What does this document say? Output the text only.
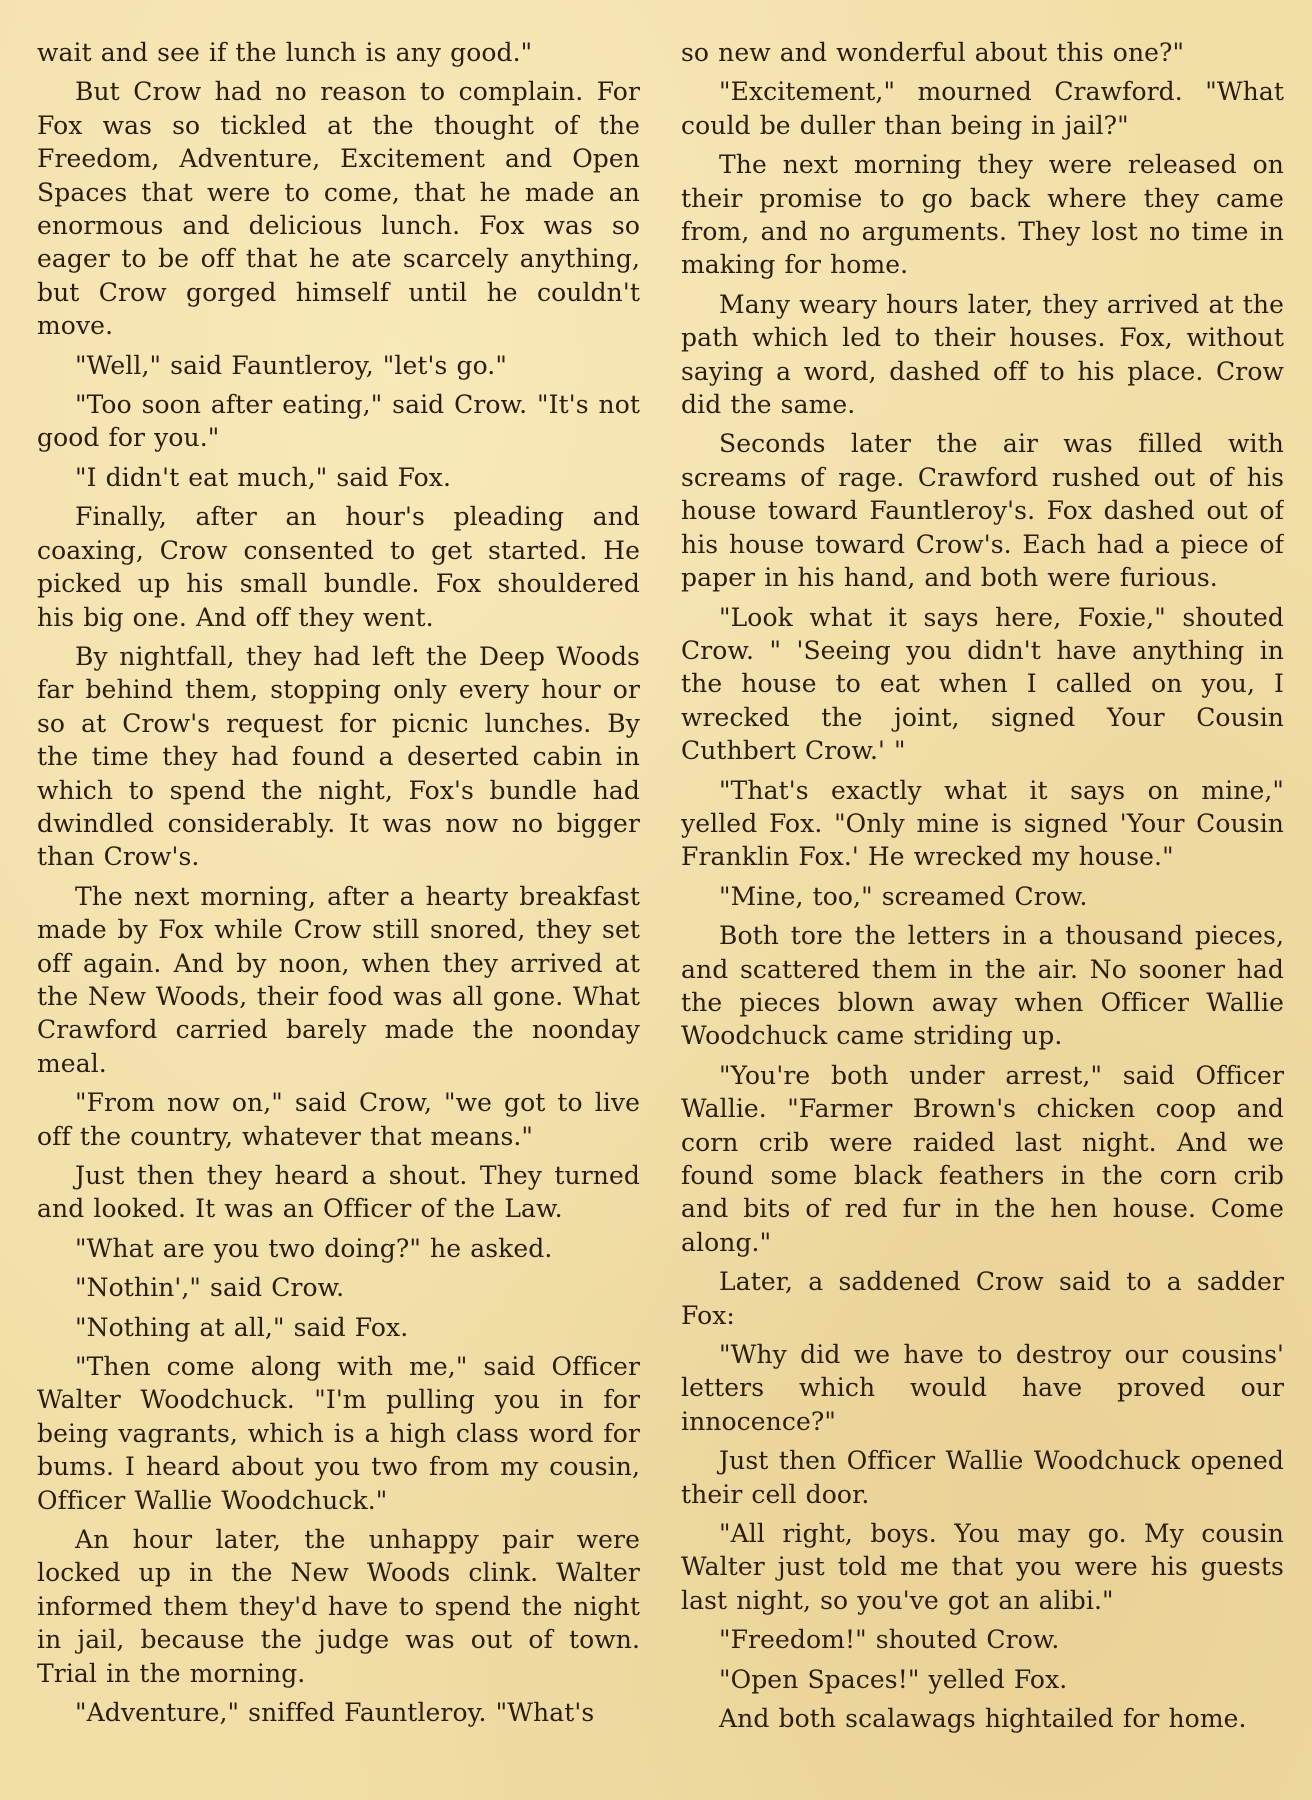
wait and see if the lunch is any good."

But Crow had no reason to complain. For Fox was so tickled at the thought of the Freedom, Adventure, Excitement and Open Spaces that were to come, that he made an enormous and delicious lunch. Fox was so eager to be off that he ate scarcely anything, but Crow gorged himself until he couldn't move.

"Well," said Fauntleroy, "let's go."

"Too soon after eating," said Crow. "It's not good for you."

"I didn't eat much," said Fox.

Finally, after an hour's pleading and coaxing, Crow consented to get started. He picked up his small bundle. Fox shouldered his big one. And off they went.

By nightfall, they had left the Deep Woods far behind them, stopping only every hour or so at Crow's request for picnic lunches. By the time they had found a deserted cabin in which to spend the night, Fox's bundle had dwindled considerably. It was now no bigger than Crow's.

The next morning, after a hearty breakfast made by Fox while Crow still snored, they set off again. And by noon, when they arrived at the New Woods, their food was all gone. What Crawford carried barely made the noonday meal.

"From now on," said Crow, "we got to live off the country, whatever that means."

Just then they heard a shout. They turned and looked. It was an Officer of the Law.

"What are you two doing?" he asked.

"Nothin'," said Crow.

"Nothing at all," said Fox.

"Then come along with me," said Officer Walter Woodchuck. "I'm pulling you in for being vagrants, which is a high class word for bums. I heard about you two from my cousin, Officer Wallie Woodchuck."

An hour later, the unhappy pair were locked up in the New Woods clink. Walter informed them they'd have to spend the night in jail, because the judge was out of town. Trial in the morning.

"Adventure," sniffed Fauntleroy. "What's

so new and wonderful about this one?"

"Excitement," mourned Crawford. "What could be duller than being in jail?"

The next morning they were released on their promise to go back where they came from, and no arguments. They lost no time in making for home.

Many weary hours later, they arrived at the path which led to their houses. Fox, without saying a word, dashed off to his place. Crow did the same.

Seconds later the air was filled with screams of rage. Crawford rushed out of his house toward Fauntleroy's. Fox dashed out of his house toward Crow's. Each had a piece of paper in his hand, and both were furious.

"Look what it says here, Foxie," shouted Crow. " 'Seeing you didn't have anything in the house to eat when I called on you, I wrecked the joint, signed Your Cousin Cuthbert Crow.' "

"That's exactly what it says on mine," yelled Fox. "Only mine is signed 'Your Cousin Franklin Fox.' He wrecked my house."

"Mine, too," screamed Crow.

Both tore the letters in a thousand pieces, and scattered them in the air. No sooner had the pieces blown away when Officer Wallie Woodchuck came striding up.

"You're both under arrest," said Officer Wallie. "Farmer Brown's chicken coop and corn crib were raided last night. And we found some black feathers in the corn crib and bits of red fur in the hen house. Come along."

Later, a saddened Crow said to a sadder Fox:

"Why did we have to destroy our cousins' letters which would have proved our innocence?"

Just then Officer Wallie Woodchuck opened their cell door.

"All right, boys. You may go. My cousin Walter just told me that you were his guests last night, so you've got an alibi."

"Freedom!" shouted Crow.

"Open Spaces!" yelled Fox.

And both scalawags hightailed for home.
